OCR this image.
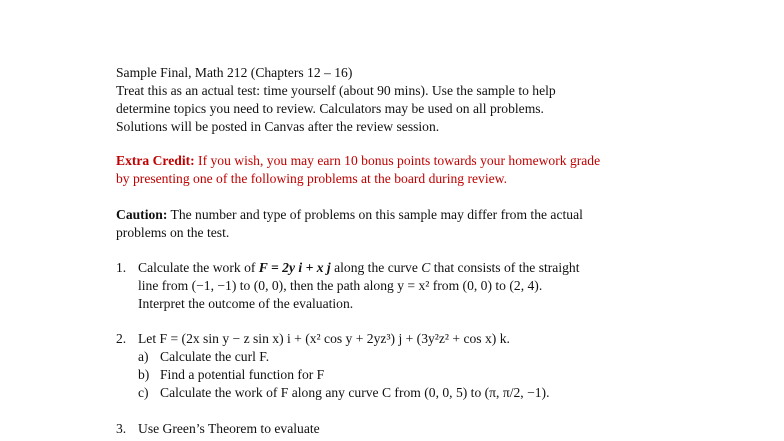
Sample Final, Math 212 (Chapters 12 – 16)
Treat this as an actual test: time yourself (about 90 mins). Use the sample to help
determine topics you need to review. Calculators may be used on all problems.
Solutions will be posted in Canvas after the review session.
Extra Credit: If you wish, you may earn 10 bonus points towards your homework grade
by presenting one of the following problems at the board during review.
Caution: The number and type of problems on this sample may differ from the actual
problems on the test.
1. Calculate the work of F = 2y i + x j along the curve C that consists of the straight
line from (−1, −1) to (0, 0), then the path along y = x² from (0, 0) to (2, 4).
Interpret the outcome of the evaluation.
2. Let F = (2x sin y − z sin x) i + (x² cos y + 2yz³) j + (3y²z² + cos x) k.
a) Calculate the curl F.
b) Find a potential function for F
c) Calculate the work of F along any curve C from (0, 0, 5) to (π, π/2, −1).
3. Use Green’s Theorem to evaluate
